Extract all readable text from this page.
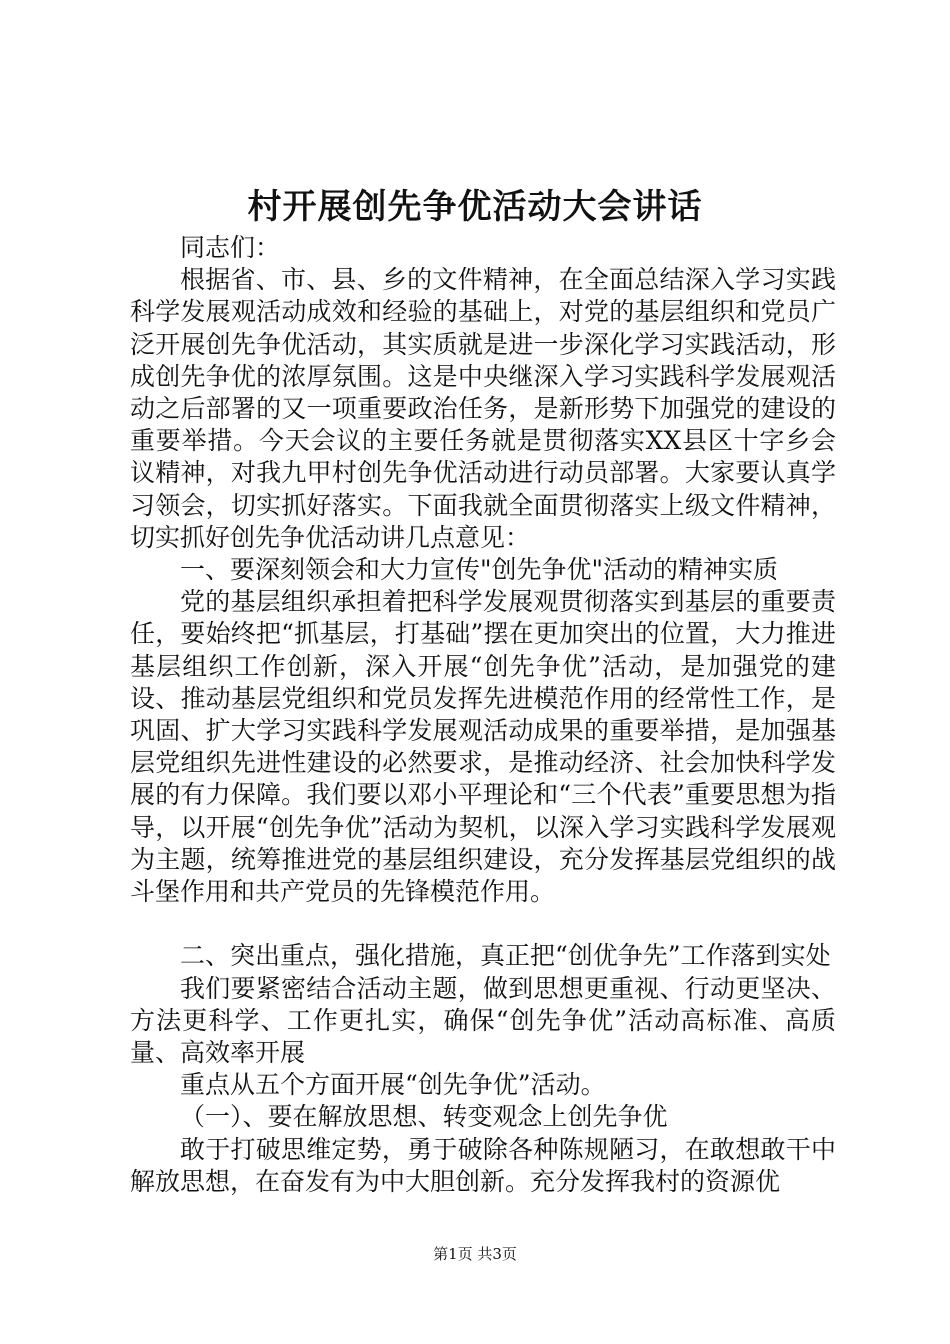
村开展创先争优活动大会讲话

同志们：

根据省、市、县、乡的文件精神，在全面总结深入学习实践科学发展观活动成效和经验的基础上，对党的基层组织和党员广泛开展创先争优活动，其实质就是进一步深化学习实践活动，形成创先争优的浓厚氛围。这是中央继深入学习实践科学发展观活动之后部署的又一项重要政治任务，是新形势下加强党的建设的重要举措。今天会议的主要任务就是贯彻落实XX县区十字乡会议精神，对我九甲村创先争优活动进行动员部署。大家要认真学习领会，切实抓好落实。下面我就全面贯彻落实上级文件精神，切实抓好创先争优活动讲几点意见：

一、要深刻领会和大力宣传"创先争优"活动的精神实质

党的基层组织承担着把科学发展观贯彻落实到基层的重要责任，要始终把“抓基层，打基础”摆在更加突出的位置，大力推进基层组织工作创新，深入开展“创先争优”活动，是加强党的建设、推动基层党组织和党员发挥先进模范作用的经常性工作，是巩固、扩大学习实践科学发展观活动成果的重要举措，是加强基层党组织先进性建设的必然要求，是推动经济、社会加快科学发展的有力保障。我们要以邓小平理论和“三个代表”重要思想为指导，以开展“创先争优”活动为契机，以深入学习实践科学发展观为主题，统筹推进党的基层组织建设，充分发挥基层党组织的战斗堡作用和共产党员的先锋模范作用。

二、突出重点，强化措施，真正把“创优争先”工作落到实处

我们要紧密结合活动主题，做到思想更重视、行动更坚决、方法更科学、工作更扎实，确保“创先争优”活动高标准、高质量、高效率开展

重点从五个方面开展“创先争优”活动。

（一）、要在解放思想、转变观念上创先争优

敢于打破思维定势，勇于破除各种陈规陋习，在敢想敢干中解放思想，在奋发有为中大胆创新。充分发挥我村的资源优

第1页 共3页
